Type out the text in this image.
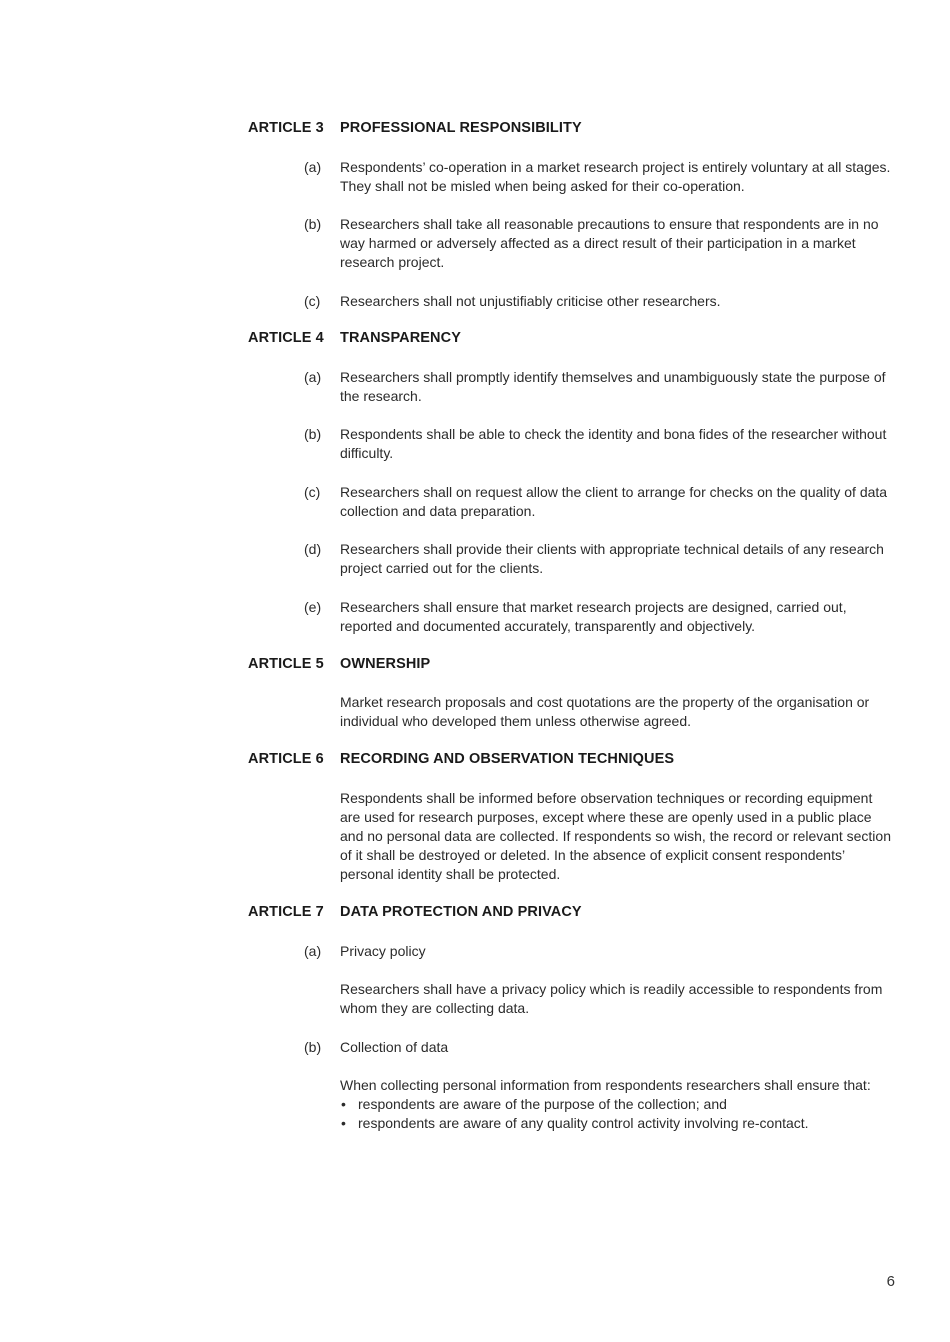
ARTICLE 3 PROFESSIONAL RESPONSIBILITY
(a) Respondents’ co-operation in a market research project is entirely voluntary at all stages. They shall not be misled when being asked for their co-operation.
(b) Researchers shall take all reasonable precautions to ensure that respondents are in no way harmed or adversely affected as a direct result of their participation in a market research project.
(c) Researchers shall not unjustifiably criticise other researchers.
ARTICLE 4 TRANSPARENCY
(a) Researchers shall promptly identify themselves and unambiguously state the purpose of the research.
(b) Respondents shall be able to check the identity and bona fides of the researcher without difficulty.
(c) Researchers shall on request allow the client to arrange for checks on the quality of data collection and data preparation.
(d) Researchers shall provide their clients with appropriate technical details of any research project carried out for the clients.
(e) Researchers shall ensure that market research projects are designed, carried out, reported and documented accurately, transparently and objectively.
ARTICLE 5 OWNERSHIP
Market research proposals and cost quotations are the property of the organisation or individual who developed them unless otherwise agreed.
ARTICLE 6 RECORDING AND OBSERVATION TECHNIQUES
Respondents shall be informed before observation techniques or recording equipment are used for research purposes, except where these are openly used in a public place and no personal data are collected. If respondents so wish, the record or relevant section of it shall be destroyed or deleted. In the absence of explicit consent respondents’ personal identity shall be protected.
ARTICLE 7 DATA PROTECTION AND PRIVACY
(a) Privacy policy
Researchers shall have a privacy policy which is readily accessible to respondents from whom they are collecting data.
(b) Collection of data
When collecting personal information from respondents researchers shall ensure that:
• respondents are aware of the purpose of the collection; and
• respondents are aware of any quality control activity involving re-contact.
6
